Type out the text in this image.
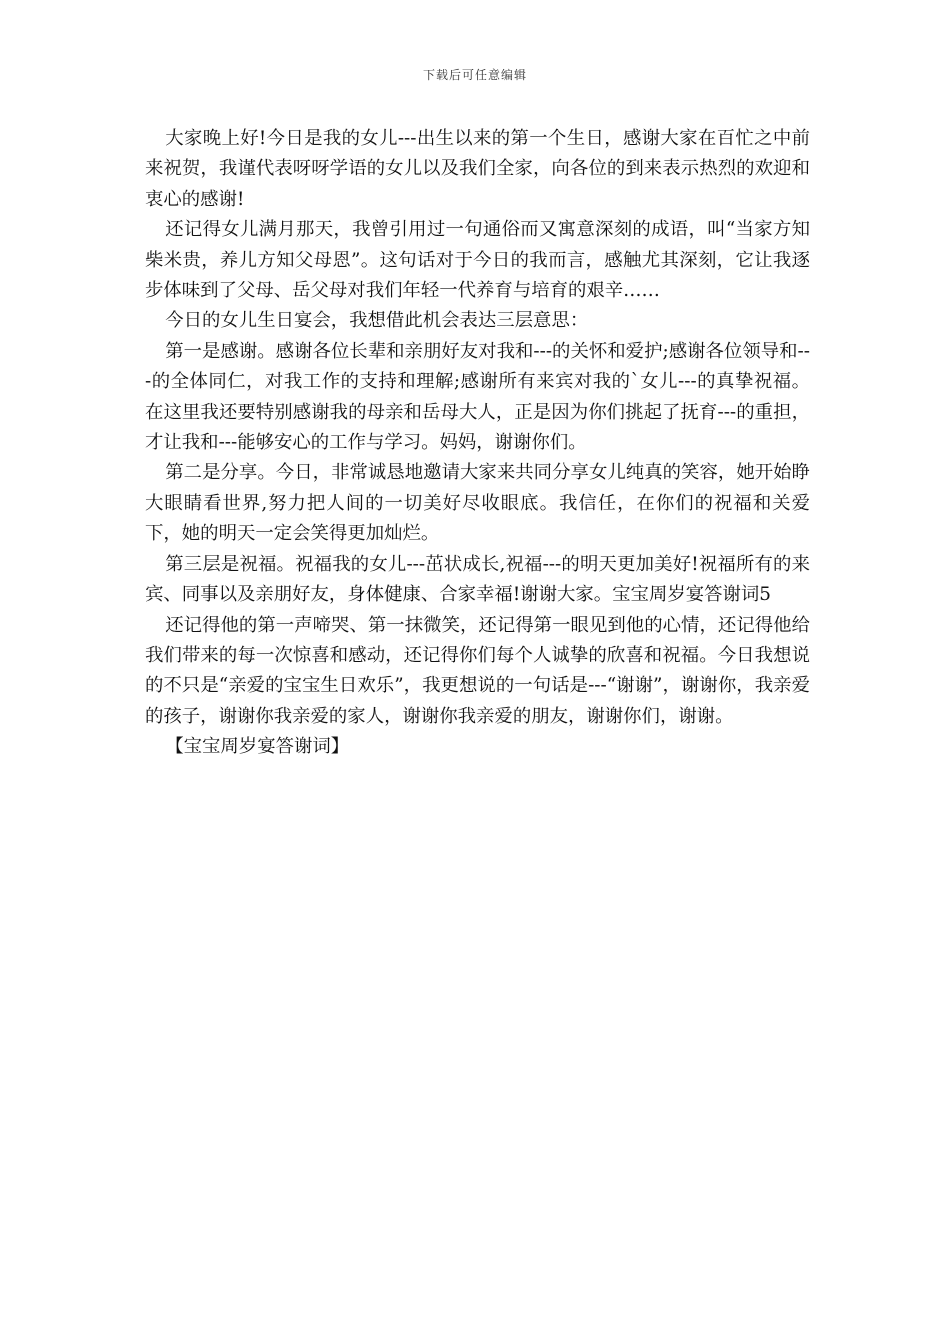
下载后可任意编辑

大家晚上好!今日是我的女儿---出生以来的第一个生日，感谢大家在百忙之中前来祝贺，我谨代表呀呀学语的女儿以及我们全家，向各位的到来表示热烈的欢迎和衷心的感谢!

还记得女儿满月那天，我曾引用过一句通俗而又寓意深刻的成语，叫“当家方知柴米贵，养儿方知父母恩”。这句话对于今日的我而言，感触尤其深刻，它让我逐步体味到了父母、岳父母对我们年轻一代养育与培育的艰辛……

今日的女儿生日宴会，我想借此机会表达三层意思：

第一是感谢。感谢各位长辈和亲朋好友对我和---的关怀和爱护;感谢各位领导和---的全体同仁，对我工作的支持和理解;感谢所有来宾对我的`女儿---的真挚祝福。在这里我还要特别感谢我的母亲和岳母大人，正是因为你们挑起了抚育---的重担，才让我和---能够安心的工作与学习。妈妈，谢谢你们。

第二是分享。今日，非常诚恳地邀请大家来共同分享女儿纯真的笑容，她开始睁大眼睛看世界,努力把人间的一切美好尽收眼底。我信任，在你们的祝福和关爱下，她的明天一定会笑得更加灿烂。

第三层是祝福。祝福我的女儿---茁状成长,祝福---的明天更加美好!祝福所有的来宾、同事以及亲朋好友，身体健康、合家幸福!谢谢大家。宝宝周岁宴答谢词5

还记得他的第一声啼哭、第一抹微笑，还记得第一眼见到他的心情，还记得他给我们带来的每一次惊喜和感动，还记得你们每个人诚挚的欣喜和祝福。今日我想说的不只是“亲爱的宝宝生日欢乐”，我更想说的一句话是---“谢谢”，谢谢你，我亲爱的孩子，谢谢你我亲爱的家人，谢谢你我亲爱的朋友，谢谢你们，谢谢。

【宝宝周岁宴答谢词】
